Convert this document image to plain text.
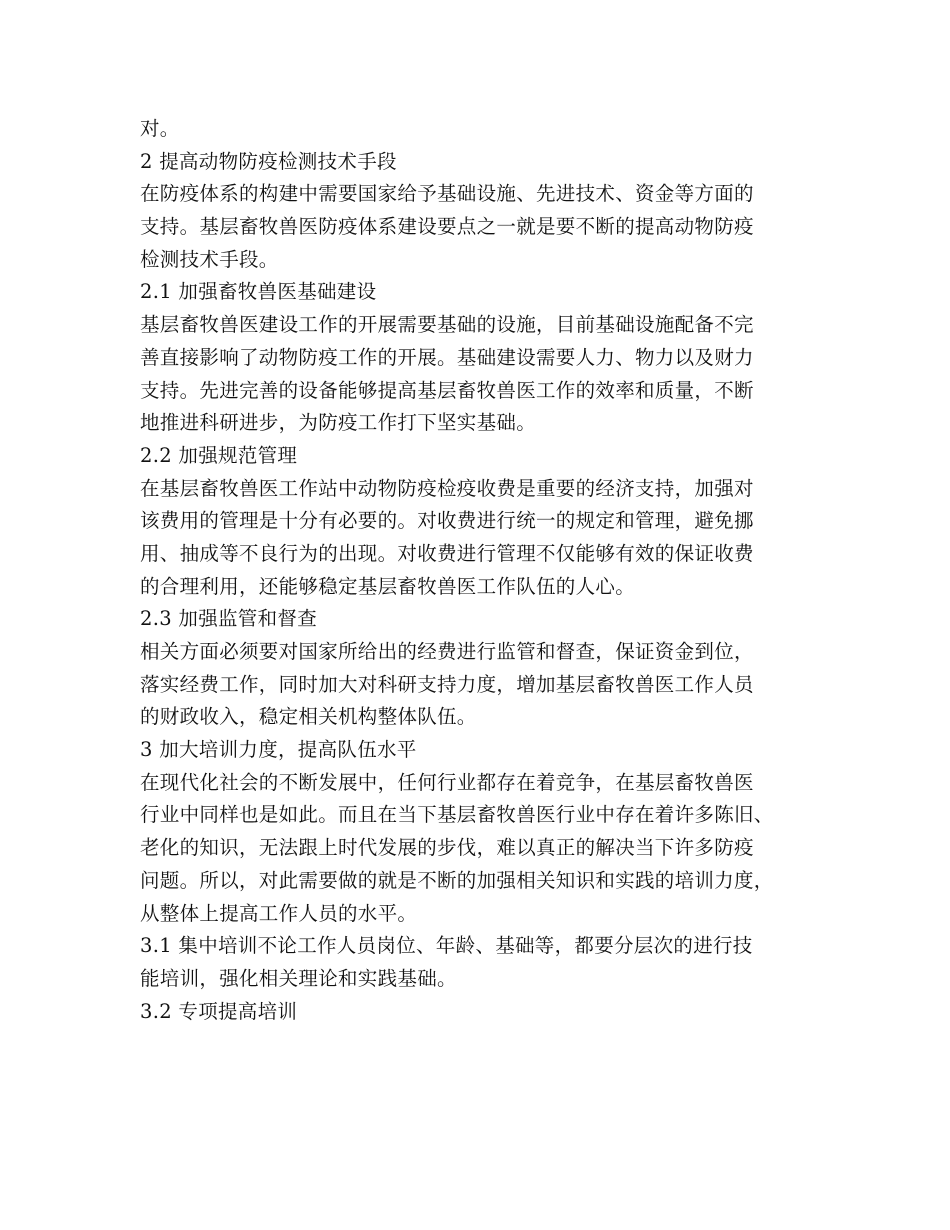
对。
2 提高动物防疫检测技术手段
在防疫体系的构建中需要国家给予基础设施、先进技术、资金等方面的
支持。基层畜牧兽医防疫体系建设要点之一就是要不断的提高动物防疫
检测技术手段。
2.1 加强畜牧兽医基础建设
基层畜牧兽医建设工作的开展需要基础的设施，目前基础设施配备不完
善直接影响了动物防疫工作的开展。基础建设需要人力、物力以及财力
支持。先进完善的设备能够提高基层畜牧兽医工作的效率和质量，不断
地推进科研进步，为防疫工作打下坚实基础。
2.2 加强规范管理
在基层畜牧兽医工作站中动物防疫检疫收费是重要的经济支持，加强对
该费用的管理是十分有必要的。对收费进行统一的规定和管理，避免挪
用、抽成等不良行为的出现。对收费进行管理不仅能够有效的保证收费
的合理利用，还能够稳定基层畜牧兽医工作队伍的人心。
2.3 加强监管和督查
相关方面必须要对国家所给出的经费进行监管和督查，保证资金到位，
落实经费工作，同时加大对科研支持力度，增加基层畜牧兽医工作人员
的财政收入，稳定相关机构整体队伍。
3 加大培训力度，提高队伍水平
在现代化社会的不断发展中，任何行业都存在着竞争，在基层畜牧兽医
行业中同样也是如此。而且在当下基层畜牧兽医行业中存在着许多陈旧、
老化的知识，无法跟上时代发展的步伐，难以真正的解决当下许多防疫
问题。所以，对此需要做的就是不断的加强相关知识和实践的培训力度，
从整体上提高工作人员的水平。
3.1 集中培训不论工作人员岗位、年龄、基础等，都要分层次的进行技
能培训，强化相关理论和实践基础。
3.2 专项提高培训
